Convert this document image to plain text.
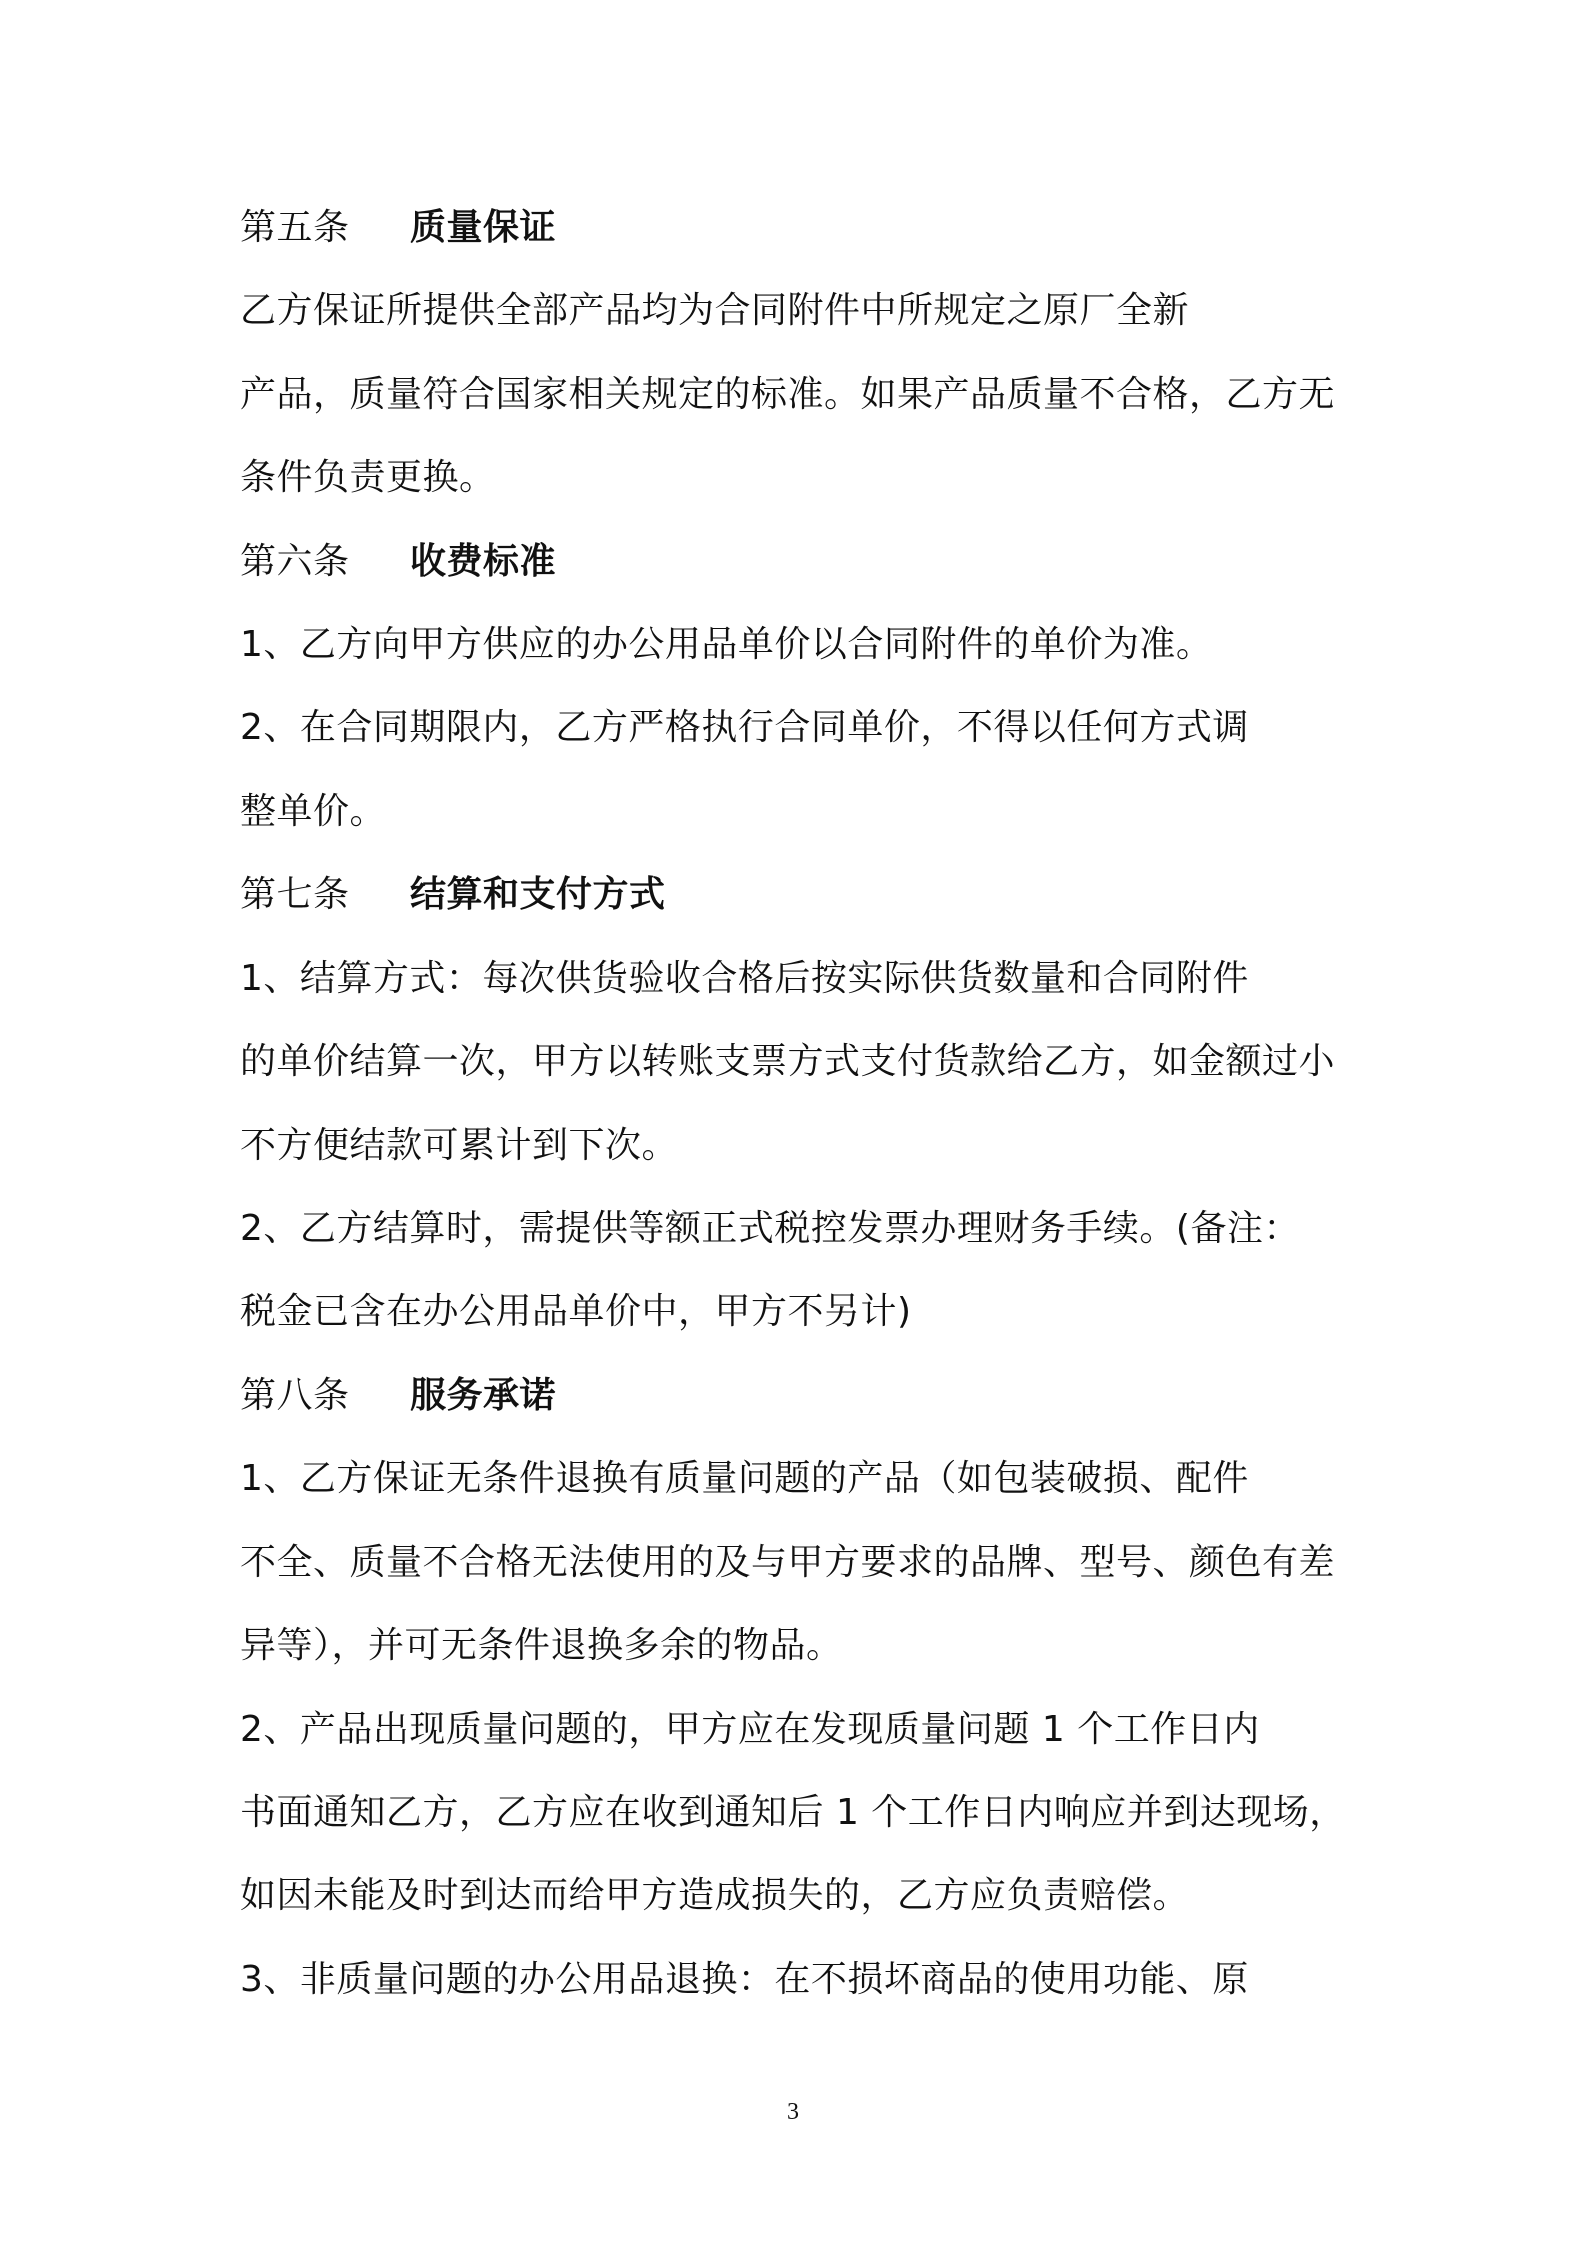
第五条 质量保证
乙方保证所提供全部产品均为合同附件中所规定之原厂全新
产品，质量符合国家相关规定的标准。如果产品质量不合格，乙方无
条件负责更换。
第六条 收费标准
1、乙方向甲方供应的办公用品单价以合同附件的单价为准。
2、在合同期限内，乙方严格执行合同单价，不得以任何方式调
整单价。
第七条 结算和支付方式
1、结算方式：每次供货验收合格后按实际供货数量和合同附件
的单价结算一次，甲方以转账支票方式支付货款给乙方，如金额过小
不方便结款可累计到下次。
2、乙方结算时，需提供等额正式税控发票办理财务手续。(备注：
税金已含在办公用品单价中，甲方不另计)
第八条 服务承诺
1、乙方保证无条件退换有质量问题的产品（如包装破损、配件
不全、质量不合格无法使用的及与甲方要求的品牌、型号、颜色有差
异等），并可无条件退换多余的物品。
2、产品出现质量问题的，甲方应在发现质量问题 1 个工作日内
书面通知乙方，乙方应在收到通知后 1 个工作日内响应并到达现场，
如因未能及时到达而给甲方造成损失的，乙方应负责赔偿。
3、非质量问题的办公用品退换：在不损坏商品的使用功能、原
3
